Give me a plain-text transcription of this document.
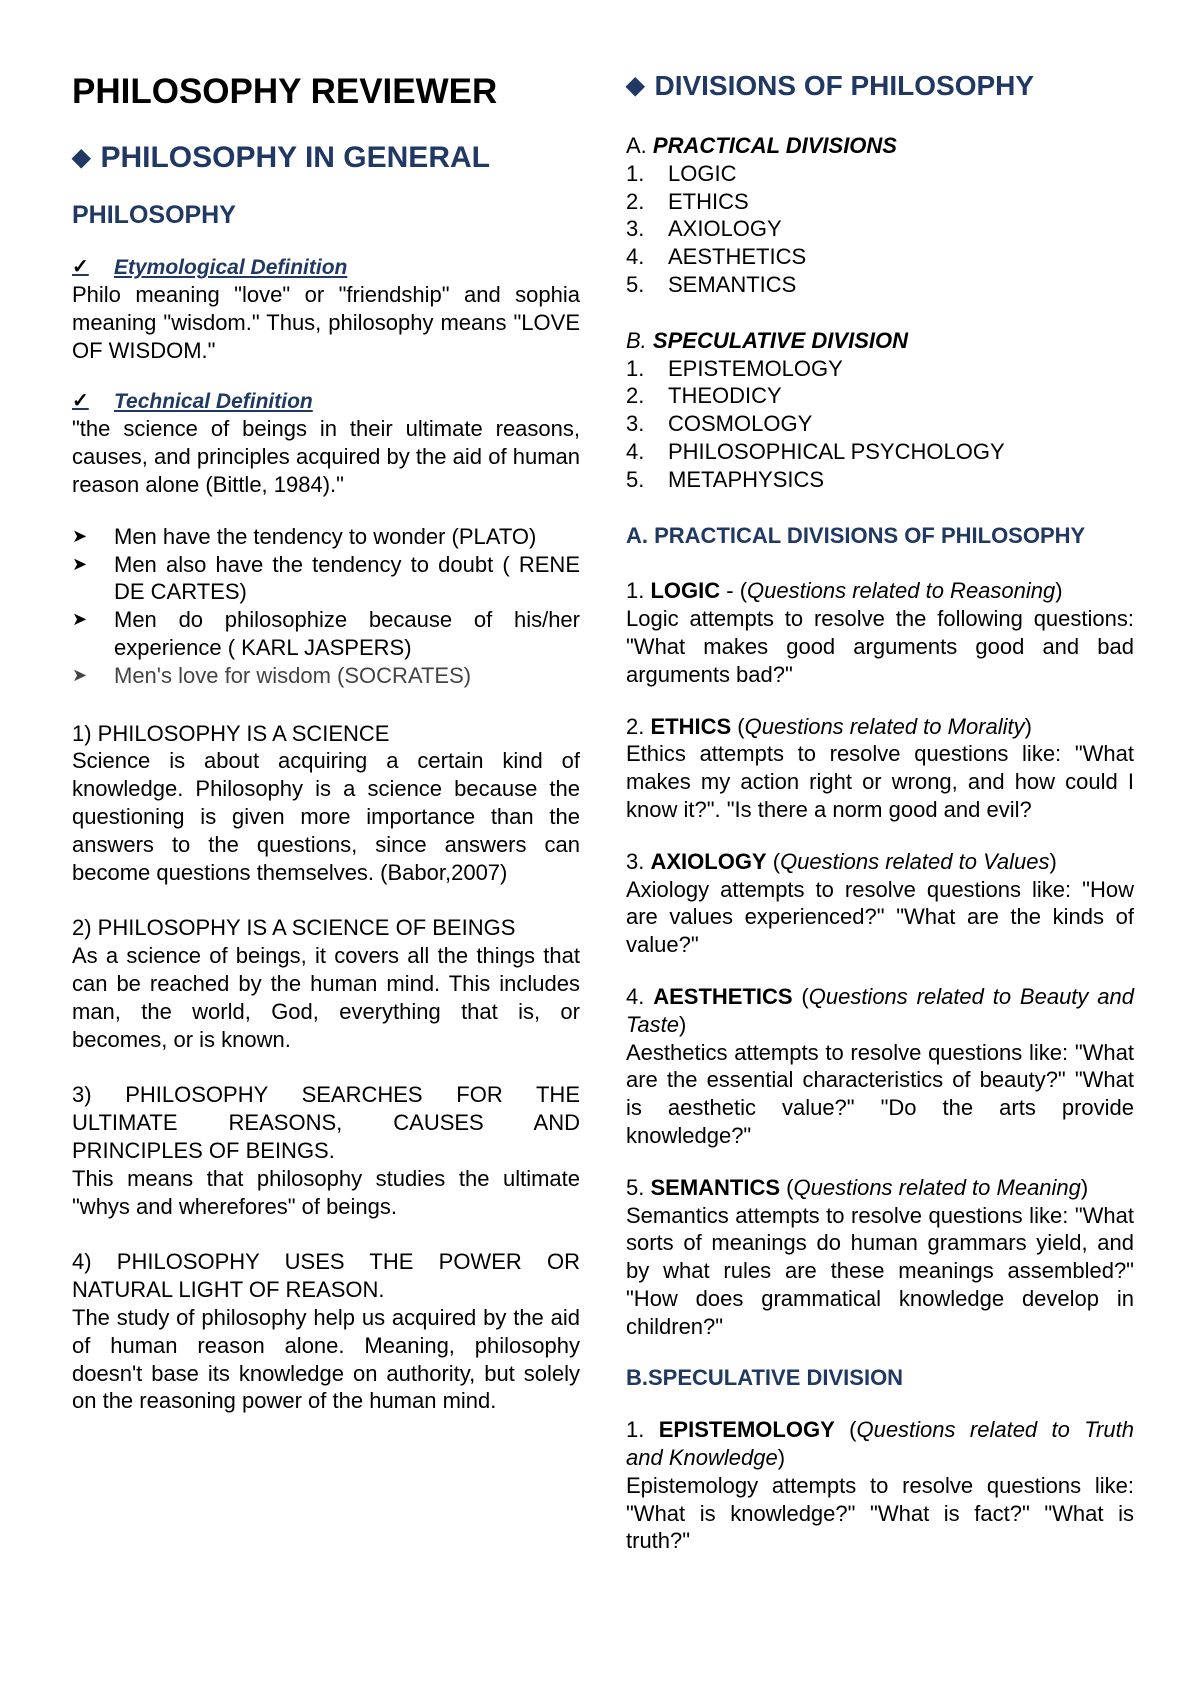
PHILOSOPHY REVIEWER
◆ PHILOSOPHY IN GENERAL
PHILOSOPHY
✓	Etymological Definition

Philo meaning "love" or "friendship" and sophia meaning "wisdom." Thus, philosophy means "LOVE OF WISDOM."

✓	Technical Definition

"the science of beings in their ultimate reasons, causes, and principles acquired by the aid of human reason alone (Bittle, 1984)."

➤	Men have the tendency to wonder (PLATO)
➤	Men also have the tendency to doubt ( RENE DE CARTES)
➤	Men do philosophize because of his/her experience ( KARL JASPERS)
➤	Men's love for wisdom (SOCRATES)

1) PHILOSOPHY IS A SCIENCE

Science is about acquiring a certain kind of knowledge. Philosophy is a science because the questioning is given more importance than the answers to the questions, since answers can become questions themselves. (Babor,2007)

2) PHILOSOPHY IS A SCIENCE OF BEINGS

As a science of beings, it covers all the things that can be reached by the human mind. This includes man, the world, God, everything that is, or becomes, or is known.

3) PHILOSOPHY SEARCHES FOR THE ULTIMATE REASONS, CAUSES AND PRINCIPLES OF BEINGS.

This means that philosophy studies the ultimate "whys and wherefores" of beings.

4) PHILOSOPHY USES THE POWER OR NATURAL LIGHT OF REASON.

The study of philosophy help us acquired by the aid of human reason alone. Meaning, philosophy doesn't base its knowledge on authority, but solely on the reasoning power of the human mind.

◆ DIVISIONS OF PHILOSOPHY

A. PRACTICAL DIVISIONS

1.	LOGIC
2.	ETHICS
3.	AXIOLOGY
4.	AESTHETICS
5.	SEMANTICS

B. SPECULATIVE DIVISION

1.	EPISTEMOLOGY
2.	THEODICY
3.	COSMOLOGY
4.	PHILOSOPHICAL PSYCHOLOGY
5.	METAPHYSICS

A. PRACTICAL DIVISIONS OF PHILOSOPHY

1. LOGIC - (Questions related to Reasoning)

Logic attempts to resolve the following questions: "What makes good arguments good and bad arguments bad?"

2. ETHICS (Questions related to Morality)

Ethics attempts to resolve questions like: "What makes my action right or wrong, and how could I know it?". "Is there a norm good and evil?

3. AXIOLOGY (Questions related to Values)

Axiology attempts to resolve questions like: "How are values experienced?" "What are the kinds of value?"

4. AESTHETICS (Questions related to Beauty and Taste)

Aesthetics attempts to resolve questions like: "What are the essential characteristics of beauty?" "What is aesthetic value?" "Do the arts provide knowledge?"

5. SEMANTICS (Questions related to Meaning)

Semantics attempts to resolve questions like: "What sorts of meanings do human grammars yield, and by what rules are these meanings assembled?" "How does grammatical knowledge develop in children?"

B.SPECULATIVE DIVISION

1. EPISTEMOLOGY (Questions related to Truth and Knowledge)

Epistemology attempts to resolve questions like: "What is knowledge?" "What is fact?" "What is truth?"
